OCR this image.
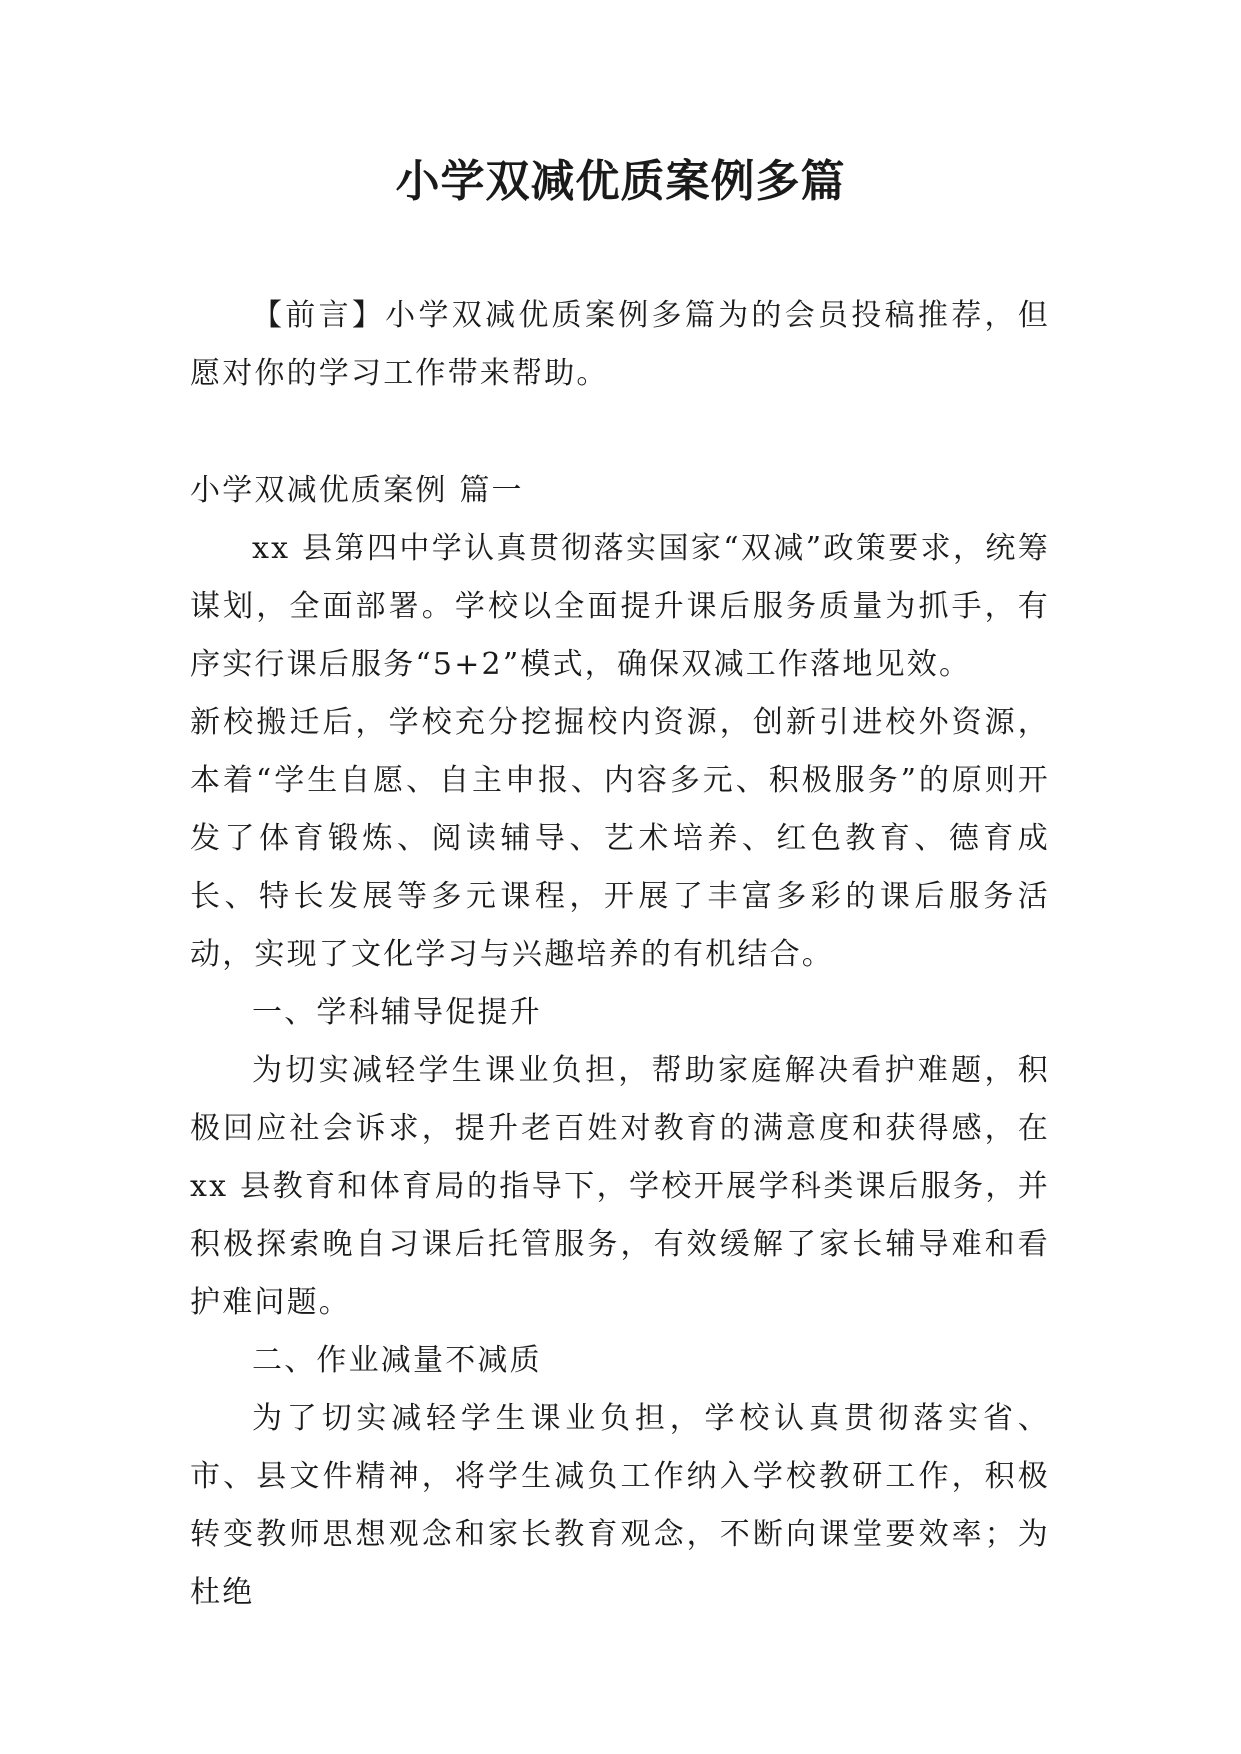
小学双减优质案例多篇

【前言】小学双减优质案例多篇为的会员投稿推荐，但愿对你的学习工作带来帮助。

小学双减优质案例 篇一

xx 县第四中学认真贯彻落实国家“双减”政策要求，统筹谋划，全面部署。学校以全面提升课后服务质量为抓手，有序实行课后服务“5+2”模式，确保双减工作落地见效。

新校搬迁后，学校充分挖掘校内资源，创新引进校外资源，本着“学生自愿、自主申报、内容多元、积极服务”的原则开发了体育锻炼、阅读辅导、艺术培养、红色教育、德育成长、特长发展等多元课程，开展了丰富多彩的课后服务活动，实现了文化学习与兴趣培养的有机结合。

一、学科辅导促提升

为切实减轻学生课业负担，帮助家庭解决看护难题，积极回应社会诉求，提升老百姓对教育的满意度和获得感，在 xx 县教育和体育局的指导下，学校开展学科类课后服务，并积极探索晚自习课后托管服务，有效缓解了家长辅导难和看护难问题。

二、作业减量不减质

为了切实减轻学生课业负担，学校认真贯彻落实省、市、县文件精神，将学生减负工作纳入学校教研工作，积极转变教师思想观念和家长教育观念，不断向课堂要效率；为杜绝
